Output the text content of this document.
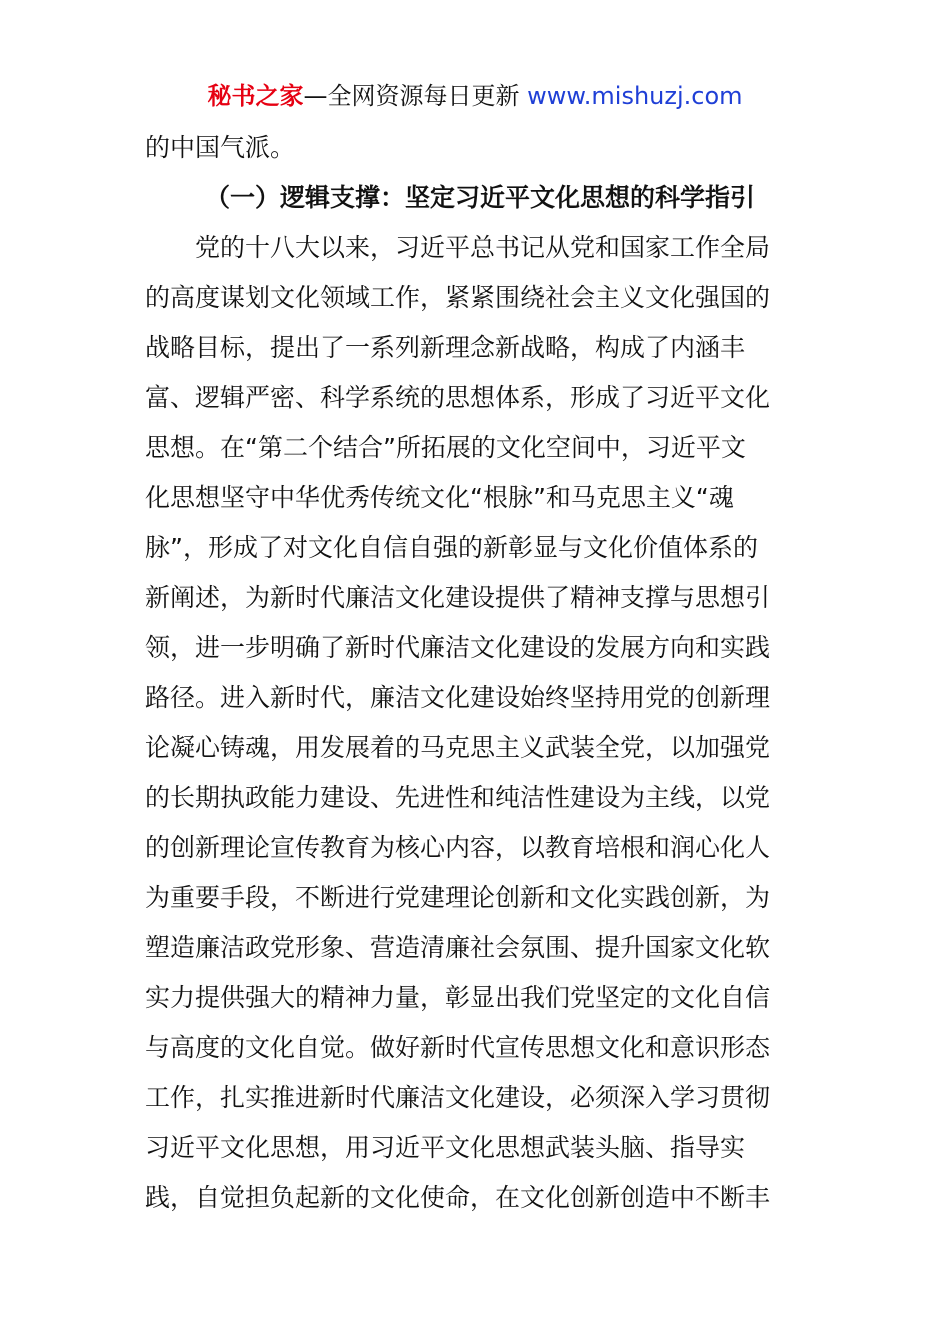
秘书之家—全网资源每日更新 www.mishuzj.com
的中国气派。
（一）逻辑支撑：坚定习近平文化思想的科学指引
　　党的十八大以来，习近平总书记从党和国家工作全局
的高度谋划文化领域工作，紧紧围绕社会主义文化强国的
战略目标，提出了一系列新理念新战略，构成了内涵丰
富、逻辑严密、科学系统的思想体系，形成了习近平文化
思想。在“第二个结合”所拓展的文化空间中，习近平文
化思想坚守中华优秀传统文化“根脉”和马克思主义“魂
脉”，形成了对文化自信自强的新彰显与文化价值体系的
新阐述，为新时代廉洁文化建设提供了精神支撑与思想引
领，进一步明确了新时代廉洁文化建设的发展方向和实践
路径。进入新时代，廉洁文化建设始终坚持用党的创新理
论凝心铸魂，用发展着的马克思主义武装全党，以加强党
的长期执政能力建设、先进性和纯洁性建设为主线，以党
的创新理论宣传教育为核心内容，以教育培根和润心化人
为重要手段，不断进行党建理论创新和文化实践创新，为
塑造廉洁政党形象、营造清廉社会氛围、提升国家文化软
实力提供强大的精神力量，彰显出我们党坚定的文化自信
与高度的文化自觉。做好新时代宣传思想文化和意识形态
工作，扎实推进新时代廉洁文化建设，必须深入学习贯彻
习近平文化思想，用习近平文化思想武装头脑、指导实
践，自觉担负起新的文化使命，在文化创新创造中不断丰
